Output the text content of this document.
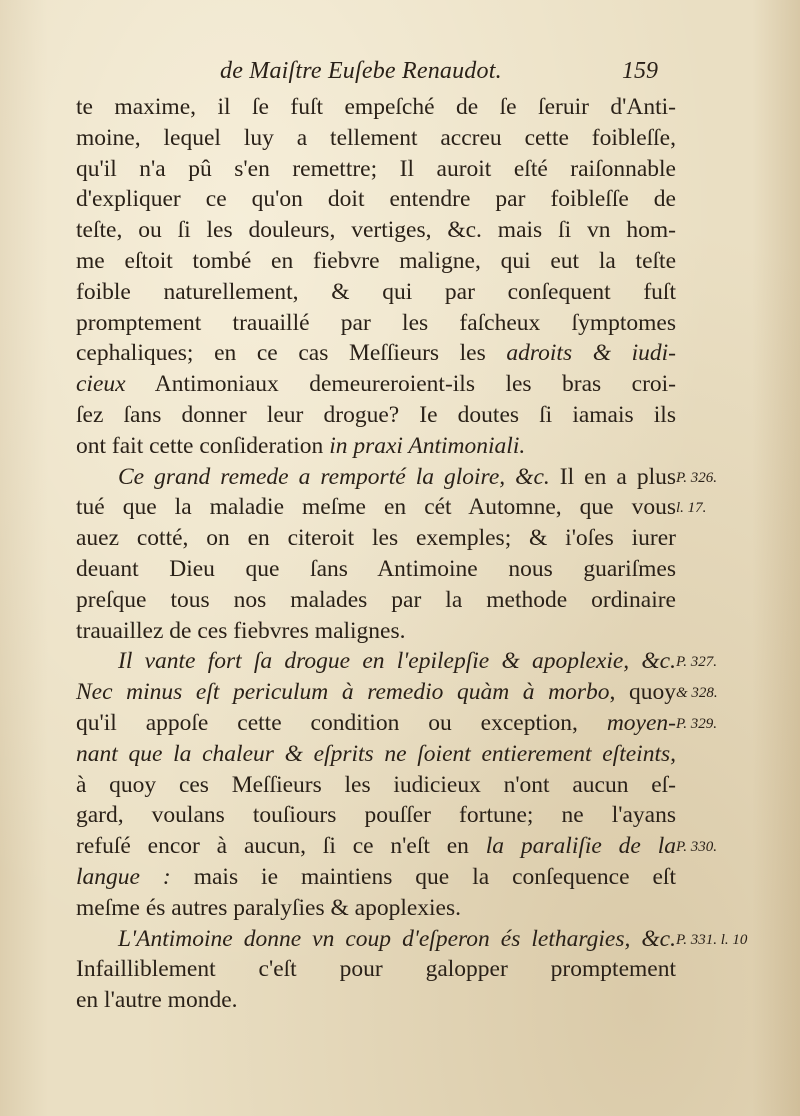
de Maiſtre Euſebe Renaudot.	159
te maxime, il ſe fuſt empeſché de ſe ſeruir d'Anti-
moine, lequel luy a tellement accreu cette foibleſſe,
qu'il n'a pû s'en remettre; Il auroit eſté raiſonnable
d'expliquer ce qu'on doit entendre par foibleſſe de
teſte, ou ſi les douleurs, vertiges, &c. mais ſi vn hom-
me eſtoit tombé en fiebvre maligne, qui eut la teſte
foible naturellement, & qui par conſequent fuſt
promptement trauaillé par les faſcheux ſymptomes
cephaliques; en ce cas Meſſieurs les adroits & iudi-
cieux Antimoniaux demeureroient-ils les bras croi-
ſez ſans donner leur drogue? Ie doutes ſi iamais ils
ont fait cette conſideration in praxi Antimoniali.
Ce grand remede a remporté la gloire, &c. Il en a plus
tué que la maladie meſme en cét Automne, que vous
auez cotté, on en citeroit les exemples; & i'oſes iurer
deuant Dieu que ſans Antimoine nous guariſmes
preſque tous nos malades par la methode ordinaire
trauaillez de ces fiebvres malignes.
Il vante fort ſa drogue en l'epilepſie & apoplexie, &c.
Nec minus eſt periculum à remedio quàm à morbo, quoy
qu'il appoſe cette condition ou exception, moyen-
nant que la chaleur & eſprits ne ſoient entierement eſteints,
à quoy ces Meſſieurs les iudicieux n'ont aucun eſ-
gard, voulans touſiours pouſſer fortune; ne l'ayans
refuſé encor à aucun, ſi ce n'eſt en la paraliſie de la
langue : mais ie maintiens que la conſequence eſt
meſme és autres paralyſies & apoplexies.
L'Antimoine donne vn coup d'eſperon és lethargies, &c.
Infailliblement c'eſt pour galopper promptement
en l'autre monde.
P. 326.
l. 17.
P. 327.
& 328.
P. 329.
P. 330.
P. 331. l. 10
